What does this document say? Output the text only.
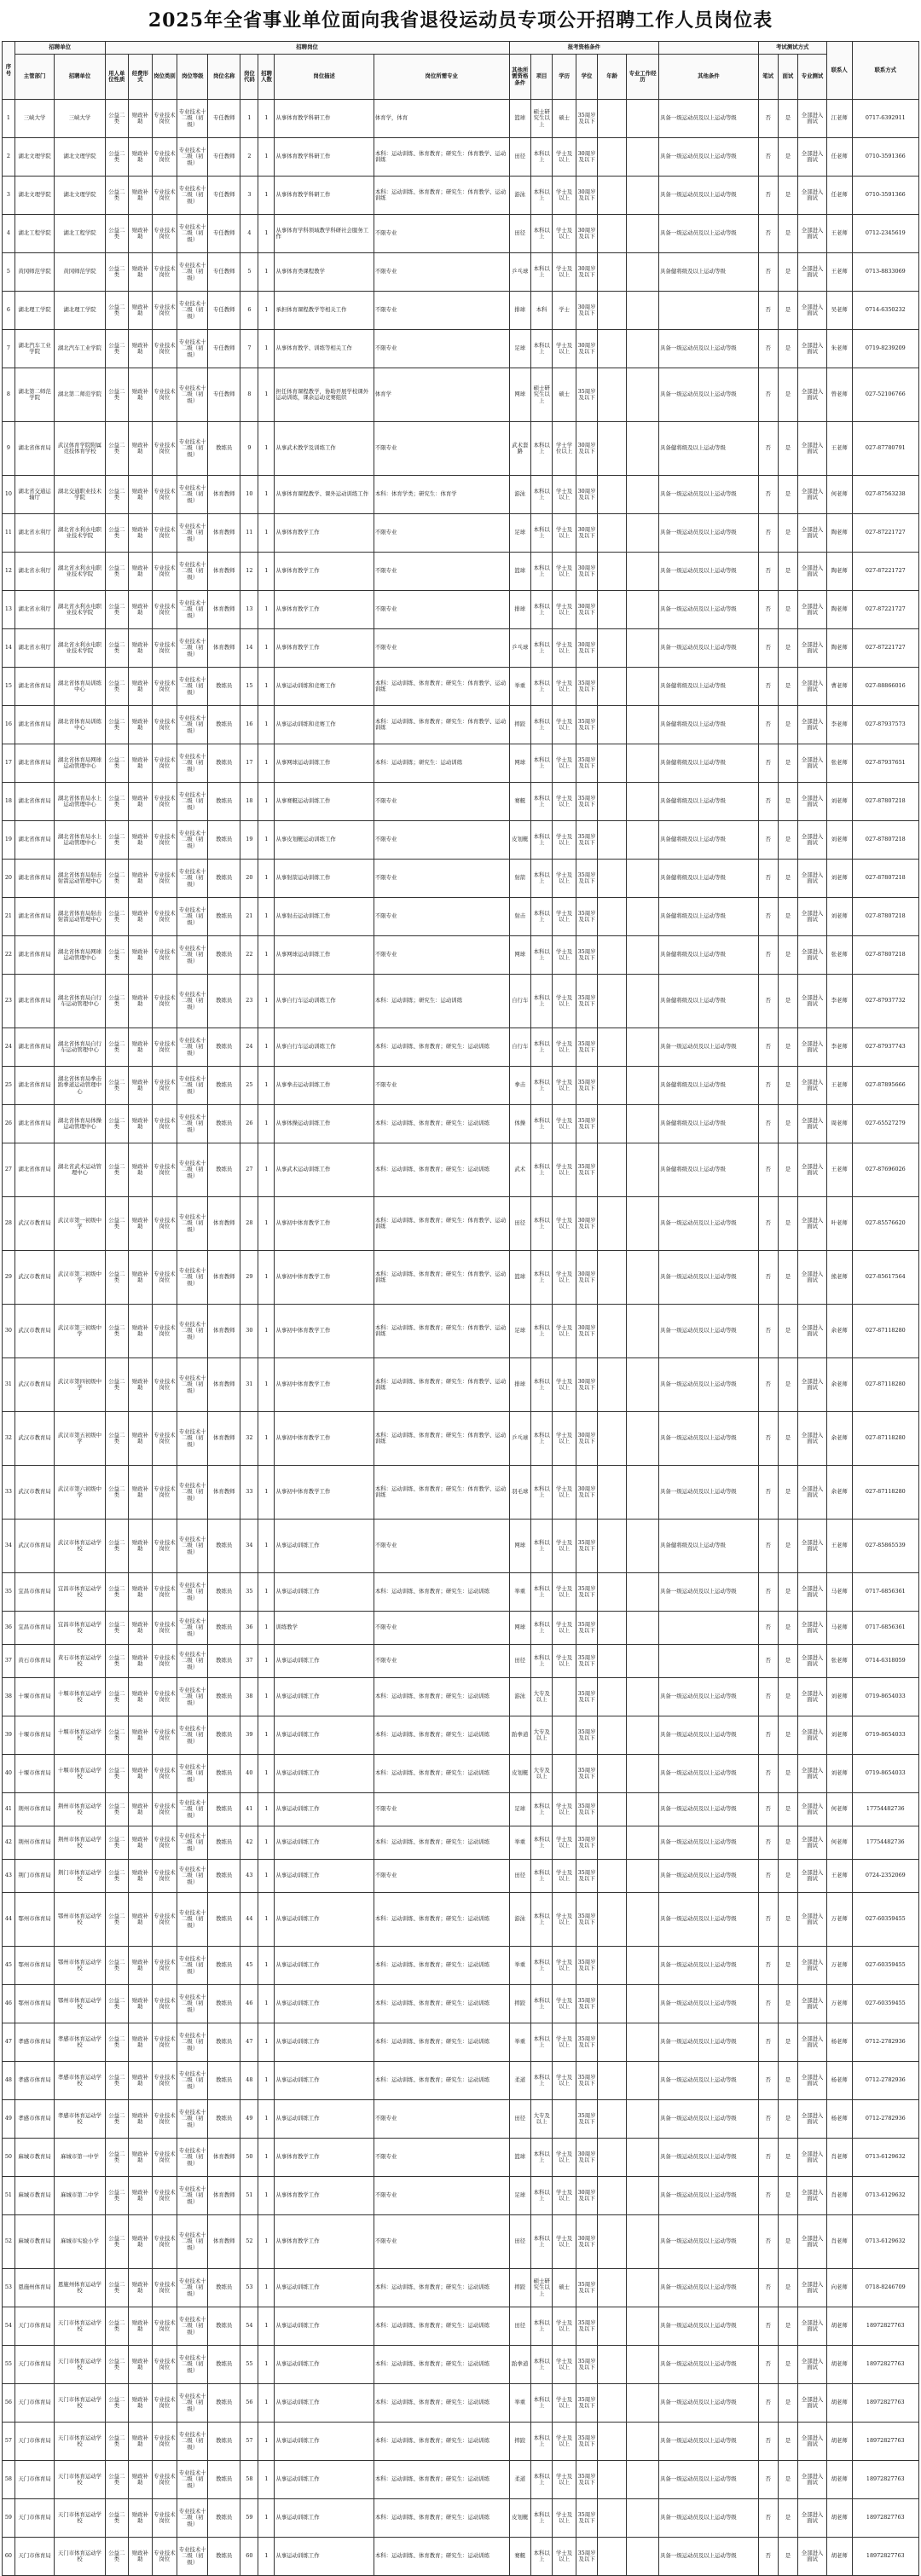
2025年全省事业单位面向我省退役运动员专项公开招聘工作人员岗位表
序号	招聘单位		招聘岗位									报考资格条件							考试测试方式			联系人	联系方式
	主管部门	招聘单位	用人单位性质	经费形式	岗位类别	岗位等级	岗位名称	岗位代码	招聘人数	岗位描述	岗位所需专业	其他所需资格条件	项目	学历	学位	年龄	专业工作经历	其他条件	笔试	面试	专业测试		
1	三峡大学	三峡大学	公益二类	财政补助	专业技术岗位	专业技术十二级（初级）	专任教师	1	1	从事体育教学科研工作	体育学，体育	篮球	硕士研究生以上	硕士	35周岁及以下			具备一级运动员及以上运动等级	否	是	全部进入面试	江老师	0717-6392911
2	湖北文理学院	湖北文理学院	公益二类	财政补助	专业技术岗位	专业技术十二级（初级）	专任教师	2	1	从事体育教学科研工作	本科：运动训练、体育教育；研究生：体育教学、运动训练	田径	本科以上	学士及以上	30周岁及以下			具备一级运动员及以上运动等级	否	是	全部进入面试	任老师	0710-3591366
3	湖北文理学院	湖北文理学院	公益二类	财政补助	专业技术岗位	专业技术十二级（初级）	专任教师	3	1	从事体育教学科研工作	本科：运动训练、体育教育；研究生：体育教学、运动训练	游泳	本科以上	学士及以上	30周岁及以下			具备一级运动员及以上运动等级	否	是	全部进入面试	任老师	0710-3591366
4	湖北工程学院	湖北工程学院	公益二类	财政补助	专业技术岗位	专业技术十二级（初级）	专任教师	4	1	从事体育学科领域教学科研社会服务工作	不限专业	田径	本科以上	学士及以上	30周岁及以下			具备一级运动员及以上运动等级	否	是	全部进入面试	王老师	0712-2345619
5	黄冈师范学院	黄冈师范学院	公益二类	财政补助	专业技术岗位	专业技术十二级（初级）	专任教师	5	1	从事体育类课程教学	不限专业	乒乓球	本科以上	学士及以上	30周岁及以下			具备健将级及以上运动等级	否	是	全部进入面试	王老师	0713-8833069
6	湖北理工学院	湖北理工学院	公益二类	财政补助	专业技术岗位	专业技术十二级（初级）	专任教师	6	1	承担体育课程教学等相关工作	不限专业	排球	本科	学士	30周岁及以下				否	是	全部进入面试	吴老师	0714-6350232
7	湖北汽车工业学院	湖北汽车工业学院	公益二类	财政补助	专业技术岗位	专业技术十二级（初级）	专任教师	7	1	从事体育教学、训练等相关工作	不限专业	足球	本科以上	学士及以上	30周岁及以下			具备一级运动员及以上运动等级	否	是	全部进入面试	朱老师	0719-8239209
8	湖北第二师范学院	湖北第二师范学院	公益二类	财政补助	专业技术岗位	专业技术十二级（初级）	专任教师	8	1	担任体育课程教学，协助开展学校课外运动训练，课余运动竞赛组织	体育学	网球	硕士研究生以上	硕士	35周岁及以下			具备一级运动员及以上运动等级	否	是	全部进入面试	曾老师	027-52106766
9	湖北省体育局	武汉体育学院附属竞技体育学校	公益二类	财政补助	专业技术岗位	专业技术十二级（初级）	教练员	9	1	从事武术教学及训练工作	不限专业	武术套路	本科以上	学士学位以上	30周岁及以下			具备健将级及以上运动等级	否	是	全部进入面试	王老师	027-87780791
10	湖北省交通运输厅	湖北交通职业技术学院	公益二类	财政补助	专业技术岗位	专业技术十二级（初级）	体育教师	10	1	从事体育课程教学、课外运动训练工作	本科：体育学类；研究生：体育学	游泳	本科以上	学士及以上	30周岁及以下			具备一级运动员及以上运动等级	否	是	全部进入面试	何老师	027-87563238
11	湖北省水利厅	湖北省水利水电职业技术学院	公益二类	财政补助	专业技术岗位	专业技术十二级（初级）	体育教师	11	1	从事体育教学工作	不限专业	足球	本科以上	学士及以上	30周岁及以下			具备一级运动员及以上运动等级	否	是	全部进入面试	陶老师	027-87221727
12	湖北省水利厅	湖北省水利水电职业技术学院	公益二类	财政补助	专业技术岗位	专业技术十二级（初级）	体育教师	12	1	从事体育教学工作	不限专业	篮球	本科以上	学士及以上	30周岁及以下			具备一级运动员及以上运动等级	否	是	全部进入面试	陶老师	027-87221727
13	湖北省水利厅	湖北省水利水电职业技术学院	公益二类	财政补助	专业技术岗位	专业技术十二级（初级）	体育教师	13	1	从事体育教学工作	不限专业	排球	本科以上	学士及以上	30周岁及以下			具备一级运动员及以上运动等级	否	是	全部进入面试	陶老师	027-87221727
14	湖北省水利厅	湖北省水利水电职业技术学院	公益二类	财政补助	专业技术岗位	专业技术十二级（初级）	体育教师	14	1	从事体育教学工作	不限专业	乒乓球	本科以上	学士及以上	30周岁及以下			具备一级运动员及以上运动等级	否	是	全部进入面试	陶老师	027-87221727
15	湖北省体育局	湖北省体育局训练中心	公益二类	财政补助	专业技术岗位	专业技术十二级（初级）	教练员	15	1	从事运动训练和竞赛工作	本科：运动训练、体育教育；研究生：体育教学、运动训练	举重	本科以上	学士及以上	35周岁及以下			具备健将级及以上运动等级	否	是	全部进入面试	曹老师	027-88866016
16	湖北省体育局	湖北省体育局训练中心	公益二类	财政补助	专业技术岗位	专业技术十二级（初级）	教练员	16	1	从事运动训练和竞赛工作	本科：运动训练、体育教育；研究生：体育教学、运动训练	摔跤	本科以上	学士及以上	35周岁及以下			具备健将级及以上运动等级	否	是	全部进入面试	李老师	027-87937573
17	湖北省体育局	湖北省体育局网球运动管理中心	公益二类	财政补助	专业技术岗位	专业技术十二级（初级）	教练员	17	1	从事网球运动训练工作	本科：运动训练；研究生：运动训练	网球	本科以上	学士及以上	35周岁及以下			具备健将级及以上运动等级	否	是	全部进入面试	张老师	027-87937651
18	湖北省体育局	湖北省体育局水上运动管理中心	公益二类	财政补助	专业技术岗位	专业技术十二级（初级）	教练员	18	1	从事赛艇运动训练工作	不限专业	赛艇	本科以上	学士及以上	35周岁及以下			具备健将级及以上运动等级	否	是	全部进入面试	刘老师	027-87807218
19	湖北省体育局	湖北省体育局水上运动管理中心	公益二类	财政补助	专业技术岗位	专业技术十二级（初级）	教练员	19	1	从事皮划艇运动训练工作	不限专业	皮划艇	本科以上	学士及以上	35周岁及以下			具备健将级及以上运动等级	否	是	全部进入面试	刘老师	027-87807218
20	湖北省体育局	湖北省体育局射击射箭运动管理中心	公益二类	财政补助	专业技术岗位	专业技术十二级（初级）	教练员	20	1	从事射箭运动训练工作	不限专业	射箭	本科以上	学士及以上	35周岁及以下			具备健将级及以上运动等级	否	是	全部进入面试	刘老师	027-87807218
21	湖北省体育局	湖北省体育局射击射箭运动管理中心	公益二类	财政补助	专业技术岗位	专业技术十二级（初级）	教练员	21	1	从事射击运动训练工作	不限专业	射击	本科以上	学士及以上	35周岁及以下			具备健将级及以上运动等级	否	是	全部进入面试	刘老师	027-87807218
22	湖北省体育局	湖北省体育局网球运动管理中心	公益二类	财政补助	专业技术岗位	专业技术十二级（初级）	教练员	22	1	从事网球运动训练工作	不限专业	网球	本科以上	学士及以上	35周岁及以下			具备健将级及以上运动等级	否	是	全部进入面试	张老师	027-87807218
23	湖北省体育局	湖北省体育局自行车运动管理中心	公益二类	财政补助	专业技术岗位	专业技术十二级（初级）	教练员	23	1	从事自行车运动训练工作	本科：运动训练；研究生：运动训练	自行车	本科以上	学士及以上	35周岁及以下			具备健将级及以上运动等级	否	是	全部进入面试	李老师	027-87937732
24	湖北省体育局	湖北省体育局自行车运动管理中心	公益二类	财政补助	专业技术岗位	专业技术十二级（初级）	教练员	24	1	从事自行车运动训练工作	本科：运动训练、体育教育；研究生：运动训练	自行车	本科以上	学士及以上	35周岁及以下			具备一级运动员及以上运动等级	否	是	全部进入面试	李老师	027-87937743
25	湖北省体育局	湖北省体育局拳击跆拳道运动管理中心	公益二类	财政补助	专业技术岗位	专业技术十二级（初级）	教练员	25	1	从事拳击运动训练工作	不限专业	拳击	本科以上	学士及以上	35周岁及以下			具备健将级及以上运动等级	否	是	全部进入面试	王老师	027-87895666
26	湖北省体育局	湖北省体育局体操运动管理中心	公益二类	财政补助	专业技术岗位	专业技术十二级（初级）	教练员	26	1	从事体操运动训练工作	本科：运动训练、体育教育；研究生：运动训练	体操	本科以上	学士及以上	35周岁及以下			具备健将级及以上运动等级	否	是	全部进入面试	周老师	027-65527279
27	湖北省体育局	湖北省武术运动管理中心	公益二类	财政补助	专业技术岗位	专业技术十二级（初级）	教练员	27	1	从事武术运动训练工作	本科：运动训练、体育教育；研究生：运动训练	武术	本科以上	学士及以上	35周岁及以下			具备健将级及以上运动等级	否	是	全部进入面试	王老师	027-87696026
28	武汉市教育局	武汉市第一初级中学	公益二类	财政补助	专业技术岗位	专业技术十二级（初级）	体育教师	28	1	从事初中体育教学工作	本科：运动训练、体育教育；研究生：体育教学、运动训练	田径	本科以上	学士及以上	30周岁及以下			具备一级运动员及以上运动等级	否	是	全部进入面试	叶老师	027-85576620
29	武汉市教育局	武汉市第二初级中学	公益二类	财政补助	专业技术岗位	专业技术十二级（初级）	体育教师	29	1	从事初中体育教学工作	本科：运动训练、体育教育；研究生：体育教学、运动训练	篮球	本科以上	学士及以上	30周岁及以下			具备一级运动员及以上运动等级	否	是	全部进入面试	熊老师	027-85617564
30	武汉市教育局	武汉市第三初级中学	公益二类	财政补助	专业技术岗位	专业技术十二级（初级）	体育教师	30	1	从事初中体育教学工作	本科：运动训练、体育教育；研究生：体育教学、运动训练	足球	本科以上	学士及以上	30周岁及以下			具备一级运动员及以上运动等级	否	是	全部进入面试	余老师	027-87118280
31	武汉市教育局	武汉市第四初级中学	公益二类	财政补助	专业技术岗位	专业技术十二级（初级）	体育教师	31	1	从事初中体育教学工作	本科：运动训练、体育教育；研究生：体育教学、运动训练	排球	本科以上	学士及以上	30周岁及以下			具备一级运动员及以上运动等级	否	是	全部进入面试	余老师	027-87118280
32	武汉市教育局	武汉市第五初级中学	公益二类	财政补助	专业技术岗位	专业技术十二级（初级）	体育教师	32	1	从事初中体育教学工作	本科：运动训练、体育教育；研究生：体育教学、运动训练	乒乓球	本科以上	学士及以上	30周岁及以下			具备一级运动员及以上运动等级	否	是	全部进入面试	余老师	027-87118280
33	武汉市教育局	武汉市第六初级中学	公益二类	财政补助	专业技术岗位	专业技术十二级（初级）	体育教师	33	1	从事初中体育教学工作	本科：运动训练、体育教育；研究生：体育教学、运动训练	羽毛球	本科以上	学士及以上	30周岁及以下			具备一级运动员及以上运动等级	否	是	全部进入面试	余老师	027-87118280
34	武汉市体育局	武汉市体育运动学校	公益二类	财政补助	专业技术岗位	专业技术十二级（初级）	教练员	34	1	从事运动训练工作	不限专业	网球	本科以上	学士及以上	35周岁及以下			具备健将级及以上运动等级	否	是	全部进入面试	王老师	027-85865539
35	宜昌市体育局	宜昌市体育运动学校	公益二类	财政补助	专业技术岗位	专业技术十二级（初级）	教练员	35	1	从事运动训练工作	本科：运动训练、体育教育；研究生：运动训练	举重	本科以上	学士及以上	35周岁及以下			具备一级运动员及以上运动等级	否	是	全部进入面试	马老师	0717-6856361
36	宜昌市体育局	宜昌市体育运动学校	公益二类	财政补助	专业技术岗位	专业技术十二级（初级）	教练员	36	1	训练教学	不限专业	网球	本科以上	学士及以上	35周岁及以下				否	是	全部进入面试	马老师	0717-6856361
37	黄石市体育局	黄石市体育运动学校	公益二类	财政补助	专业技术岗位	专业技术十二级（初级）	教练员	37	1	从事运动训练工作	不限专业	田径	本科以上	学士及以上	35周岁及以下				否	是	全部进入面试	张老师	0714-6318059
38	十堰市体育局	十堰市体育运动学校	公益二类	财政补助	专业技术岗位	专业技术十二级（初级）	教练员	38	1	从事运动训练工作	本科：运动训练、体育教育；研究生：运动训练	游泳	大专及以上		35周岁及以下			具备一级运动员及以上运动等级	否	是	全部进入面试	刘老师	0719-8654033
39	十堰市体育局	十堰市体育运动学校	公益二类	财政补助	专业技术岗位	专业技术十二级（初级）	教练员	39	1	从事运动训练工作	本科：运动训练、体育教育；研究生：运动训练	跆拳道	大专及以上		35周岁及以下			具备一级运动员及以上运动等级	否	是	全部进入面试	刘老师	0719-8654033
40	十堰市体育局	十堰市体育运动学校	公益二类	财政补助	专业技术岗位	专业技术十二级（初级）	教练员	40	1	从事运动训练工作	本科：运动训练、体育教育；研究生：运动训练	皮划艇	大专及以上		35周岁及以下			具备一级运动员及以上运动等级	否	是	全部进入面试	刘老师	0719-8654033
41	荆州市体育局	荆州市体育运动学校	公益二类	财政补助	专业技术岗位	专业技术十二级（初级）	教练员	41	1	从事运动训练工作	不限专业	足球	本科以上	学士及以上	35周岁及以下			具备一级运动员及以上运动等级	否	是	全部进入面试	何老师	17754482736
42	荆州市体育局	荆州市体育运动学校	公益二类	财政补助	专业技术岗位	专业技术十二级（初级）	教练员	42	1	从事运动训练工作	本科：运动训练、体育教育；研究生：运动训练	举重	本科以上	学士及以上	35周岁及以下			具备一级运动员及以上运动等级	否	是	全部进入面试	何老师	17754482736
43	荆门市体育局	荆门市体育运动学校	公益二类	财政补助	专业技术岗位	专业技术十二级（初级）	教练员	43	1	从事运动训练工作	不限专业	田径	本科以上	学士及以上	35周岁及以下			具备一级运动员及以上运动等级	否	是	全部进入面试	王老师	0724-2352069
44	鄂州市体育局	鄂州市体育运动学校	公益二类	财政补助	专业技术岗位	专业技术十二级（初级）	教练员	44	1	从事运动训练工作	本科：运动训练、体育教育；研究生：运动训练	游泳	本科以上	学士及以上	35周岁及以下			具备一级运动员及以上运动等级	否	是	全部进入面试	万老师	027-60359455
45	鄂州市体育局	鄂州市体育运动学校	公益二类	财政补助	专业技术岗位	专业技术十二级（初级）	教练员	45	1	从事运动训练工作	本科：运动训练、体育教育；研究生：运动训练	举重	本科以上	学士及以上	35周岁及以下			具备一级运动员及以上运动等级	否	是	全部进入面试	万老师	027-60359455
46	鄂州市体育局	鄂州市体育运动学校	公益二类	财政补助	专业技术岗位	专业技术十二级（初级）	教练员	46	1	从事运动训练工作	本科：运动训练、体育教育；研究生：运动训练	摔跤	本科以上	学士及以上	35周岁及以下			具备一级运动员及以上运动等级	否	是	全部进入面试	万老师	027-60359455
47	孝感市体育局	孝感市体育运动学校	公益二类	财政补助	专业技术岗位	专业技术十二级（初级）	教练员	47	1	从事运动训练工作	本科：运动训练、体育教育；研究生：运动训练	举重	本科以上	学士及以上	35周岁及以下			具备一级运动员及以上运动等级	否	是	全部进入面试	杨老师	0712-2782936
48	孝感市体育局	孝感市体育运动学校	公益二类	财政补助	专业技术岗位	专业技术十二级（初级）	教练员	48	1	从事运动训练工作	本科：运动训练、体育教育；研究生：运动训练	柔道	本科以上	学士及以上	35周岁及以下			具备一级运动员及以上运动等级	否	是	全部进入面试	杨老师	0712-2782936
49	孝感市体育局	孝感市体育运动学校	公益二类	财政补助	专业技术岗位	专业技术十二级（初级）	教练员	49	1	从事运动训练工作	不限专业	田径	大专及以上		35周岁及以下			具备一级运动员及以上运动等级	否	是	全部进入面试	杨老师	0712-2782936
50	麻城市教育局	麻城市第一中学	公益二类	财政补助	专业技术岗位	专业技术十二级（初级）	体育教师	50	1	从事体育教学工作	不限专业	篮球	本科以上	学士及以上	30周岁及以下			具备一级运动员及以上运动等级	否	是	全部进入面试	肖老师	0713-6129632
51	麻城市教育局	麻城市第二中学	公益二类	财政补助	专业技术岗位	专业技术十二级（初级）	体育教师	51	1	从事体育教学工作	不限专业	足球	本科以上	学士及以上	30周岁及以下			具备一级运动员及以上运动等级	否	是	全部进入面试	肖老师	0713-6129632
52	麻城市教育局	麻城市实验小学	公益二类	财政补助	专业技术岗位	专业技术十二级（初级）	体育教师	52	1	从事体育教学工作	不限专业	田径	本科以上	学士及以上	30周岁及以下			具备一级运动员及以上运动等级	否	是	全部进入面试	肖老师	0713-6129632
53	恩施州体育局	恩施州体育运动学校	公益二类	财政补助	专业技术岗位	专业技术十二级（初级）	教练员	53	1	从事运动训练工作	本科：运动训练、体育教育；研究生：运动训练	摔跤	硕士研究生以上	硕士	35周岁及以下			具备一级运动员及以上运动等级	否	是	全部进入面试	向老师	0718-8246709
54	天门市体育局	天门市体育运动学校	公益二类	财政补助	专业技术岗位	专业技术十二级（初级）	教练员	54	1	从事运动训练工作	本科：运动训练、体育教育；研究生：运动训练	田径	本科以上	学士及以上	35周岁及以下			具备一级运动员及以上运动等级	否	是	全部进入面试	胡老师	18972827763
55	天门市体育局	天门市体育运动学校	公益二类	财政补助	专业技术岗位	专业技术十二级（初级）	教练员	55	1	从事运动训练工作	本科：运动训练、体育教育；研究生：运动训练	跆拳道	本科以上	学士及以上	35周岁及以下			具备一级运动员及以上运动等级	否	是	全部进入面试	胡老师	18972827763
56	天门市体育局	天门市体育运动学校	公益二类	财政补助	专业技术岗位	专业技术十二级（初级）	教练员	56	1	从事运动训练工作	本科：运动训练、体育教育；研究生：运动训练	举重	本科以上	学士及以上	35周岁及以下			具备一级运动员及以上运动等级	否	是	全部进入面试	胡老师	18972827763
57	天门市体育局	天门市体育运动学校	公益二类	财政补助	专业技术岗位	专业技术十二级（初级）	教练员	57	1	从事运动训练工作	本科：运动训练、体育教育；研究生：运动训练	摔跤	本科以上	学士及以上	35周岁及以下			具备一级运动员及以上运动等级	否	是	全部进入面试	胡老师	18972827763
58	天门市体育局	天门市体育运动学校	公益二类	财政补助	专业技术岗位	专业技术十二级（初级）	教练员	58	1	从事运动训练工作	本科：运动训练、体育教育；研究生：运动训练	柔道	本科以上	学士及以上	35周岁及以下			具备一级运动员及以上运动等级	否	是	全部进入面试	胡老师	18972827763
59	天门市体育局	天门市体育运动学校	公益二类	财政补助	专业技术岗位	专业技术十二级（初级）	教练员	59	1	从事运动训练工作	本科：运动训练、体育教育；研究生：运动训练	皮划艇	本科以上	学士及以上	35周岁及以下			具备一级运动员及以上运动等级	否	是	全部进入面试	胡老师	18972827763
60	天门市体育局	天门市体育运动学校	公益二类	财政补助	专业技术岗位	专业技术十二级（初级）	教练员	60	1	从事运动训练工作	本科：运动训练、体育教育；研究生：运动训练	赛艇	本科以上	学士及以上	35周岁及以下			具备一级运动员及以上运动等级	否	是	全部进入面试	胡老师	18972827763
